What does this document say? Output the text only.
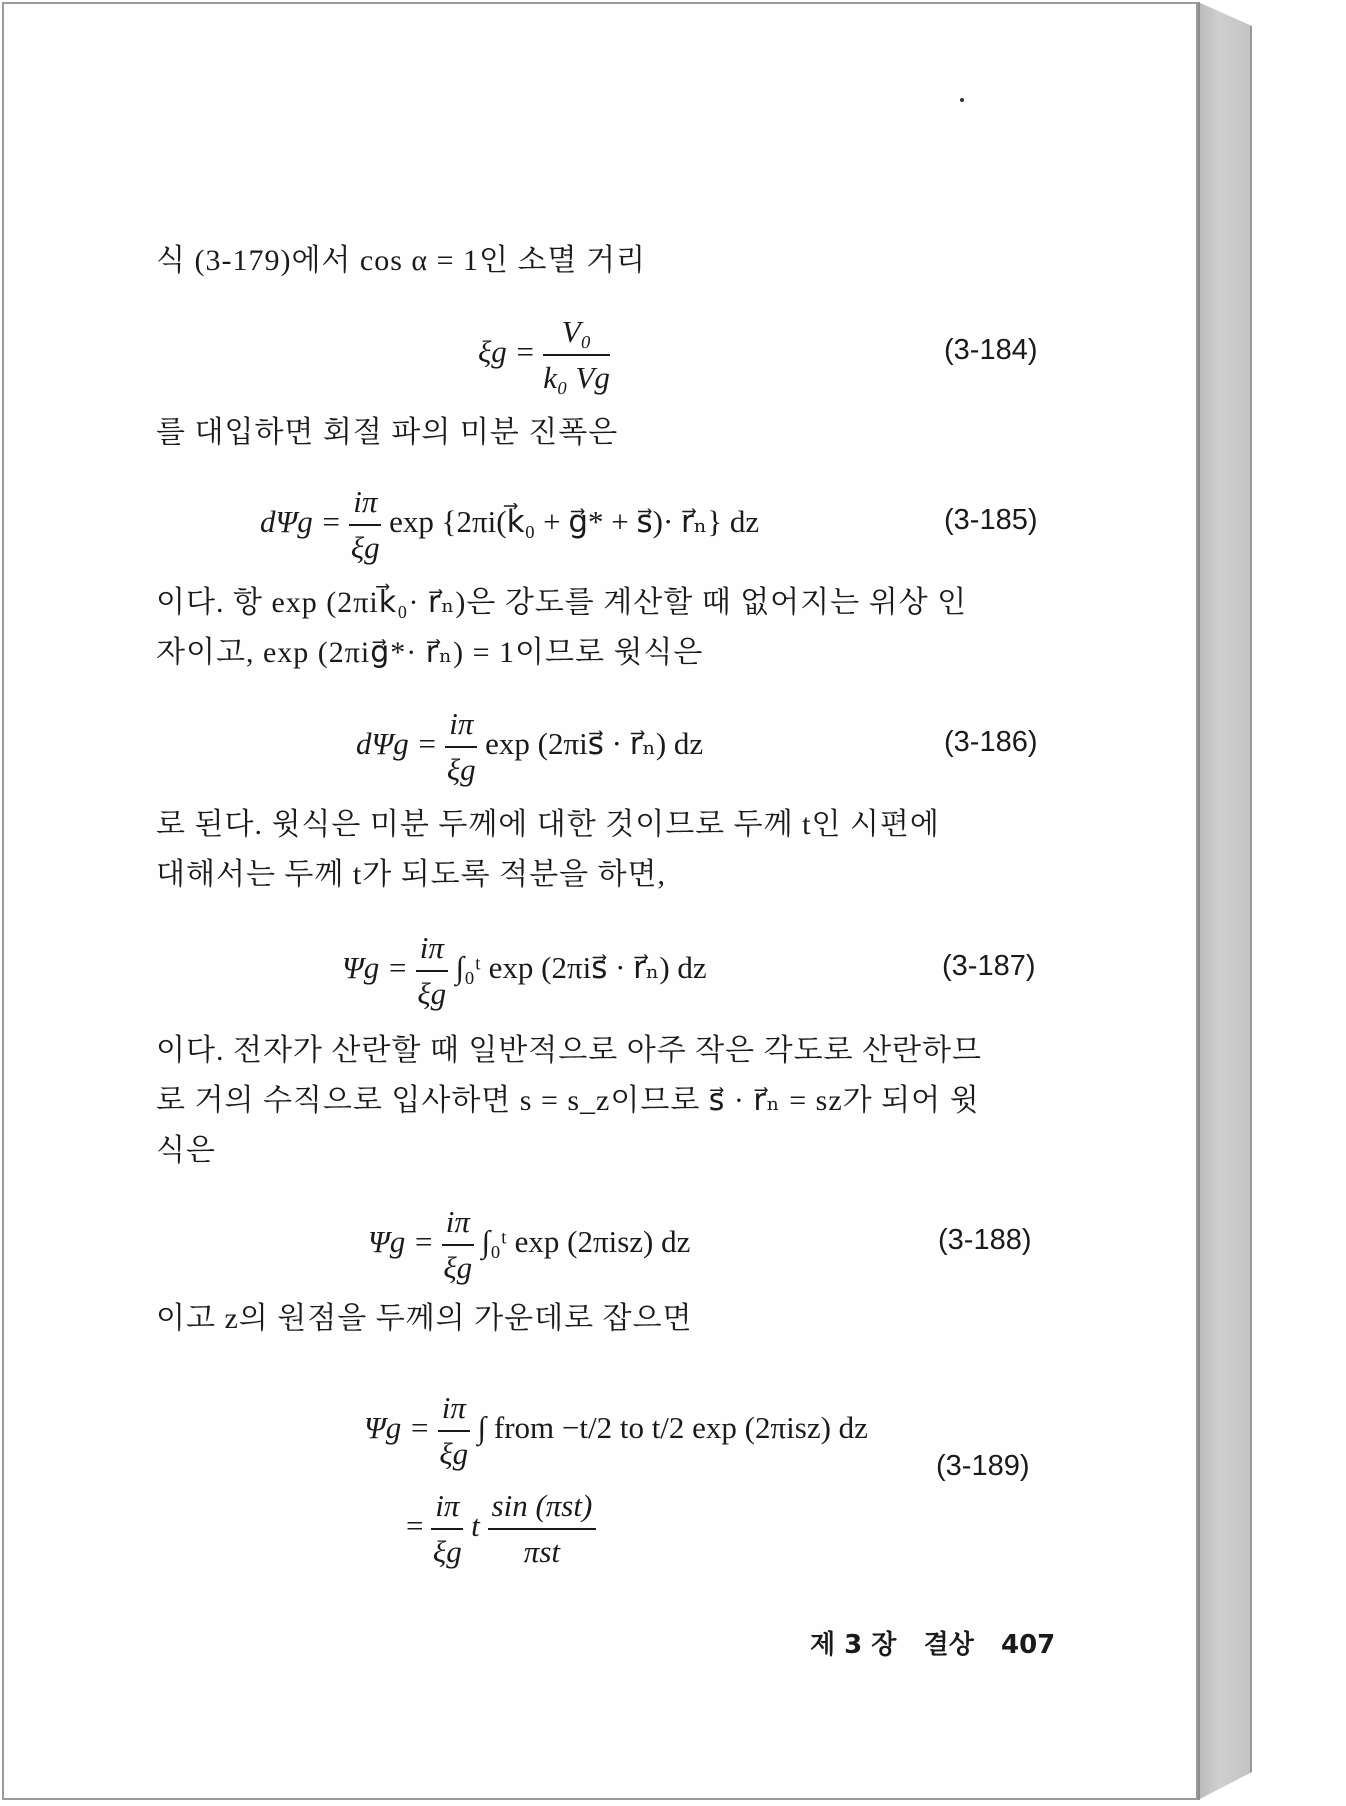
식 (3-179)에서 cos α = 1인 소멸 거리
$\xi g = \frac{\text{V₀}}{\text{k₀ Vg}}$	(3-184)
를 대입하면 회절 파의 미분 진폭은
$d\Psi g = \frac{i\pi}{\xi g}$ exp {2πi(k⃗₀ + g⃗* + s⃗)· r⃗ₙ} dz	(3-185)
이다. 항 exp (2πik⃗₀· r⃗ₙ)은 강도를 계산할 때 없어지는 위상 인
자이고, exp (2πig⃗*· r⃗ₙ) = 1이므로 윗식은
$d\Psi g = \frac{i\pi}{\xi g}$ exp (2πis⃗ · r⃗ₙ) dz	(3-186)
로 된다. 윗식은 미분 두께에 대한 것이므로 두께 t인 시편에
대해서는 두께 t가 되도록 적분을 하면,
$\Psi g = \frac{i\pi}{\xi g}$ ∫₀ᵗ exp (2πis⃗ · r⃗ₙ) dz	(3-187)
이다. 전자가 산란할 때 일반적으로 아주 작은 각도로 산란하므
로 거의 수직으로 입사하면 s = s_z이므로 s⃗ · r⃗ₙ = sz가 되어 윗
식은
$\Psi g = \frac{i\pi}{\xi g}$ ∫₀ᵗ exp (2πisz) dz	(3-188)
이고 z의 원점을 두께의 가운데로 잡으면
$\Psi g = \frac{i\pi}{\xi g}$ ∫ from −t/2 to t/2 exp (2πisz) dz
= $\frac{i\pi}{\xi g}$ t $\frac{\text{sin (πst)}}{\text{πst}}$
(3-189)
제 3 장 결상 407
